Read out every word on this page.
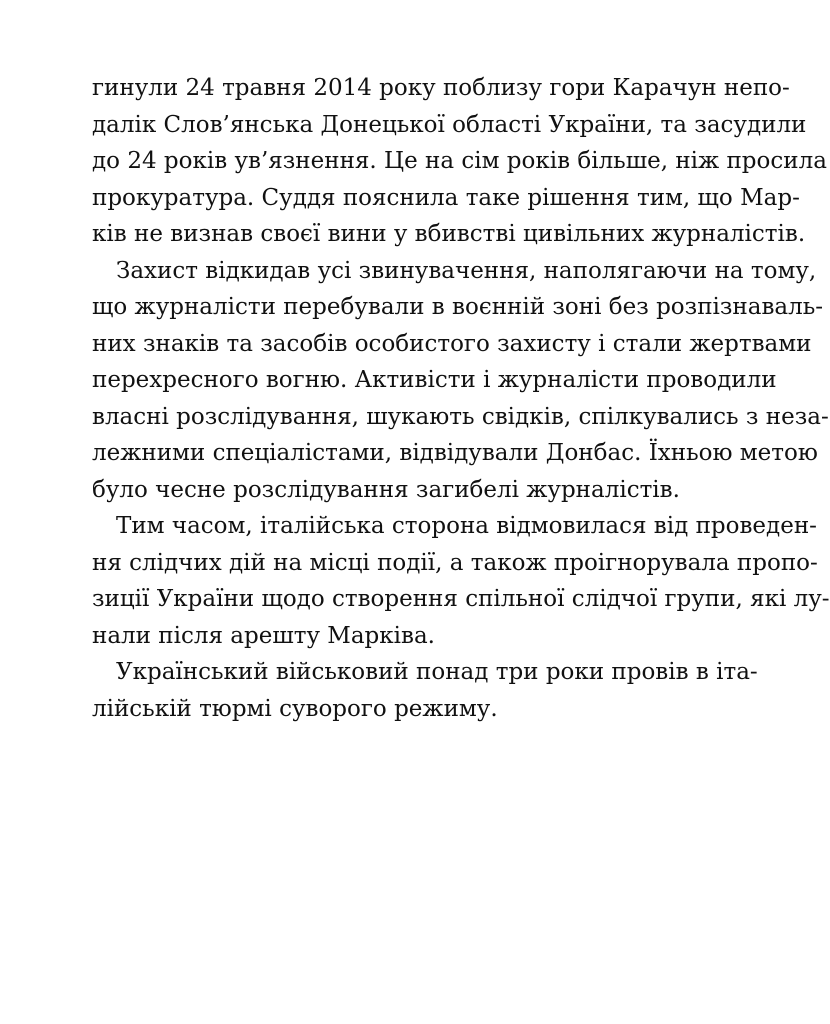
гинули 24 травня 2014 року поблизу гори Карачун непо-
далік Слов’янська Донецької області України, та засудили
до 24 років ув’язнення. Це на сім років більше, ніж просила
прокуратура. Суддя пояснила таке рішення тим, що Мар-
ків не визнав своєї вини у вбивстві цивільних журналістів.
Захист відкидав усі звинувачення, наполягаючи на тому,
що журналісти перебували в воєнній зоні без розпізнаваль-
них знаків та засобів особистого захисту і стали жертвами
перехресного вогню. Активісти і журналісти проводили
власні розслідування, шукають свідків, спілкувались з неза-
лежними спеціалістами, відвідували Донбас. Їхньою метою
було чесне розслідування загибелі журналістів.
Тим часом, італійська сторона відмовилася від проведен-
ня слідчих дій на місці події, а також проігнорувала пропо-
зиції України щодо створення спільної слідчої групи, які лу-
нали після арешту Марківа.
Український військовий понад три роки провів в іта-
лійській тюрмі суворого режиму.
